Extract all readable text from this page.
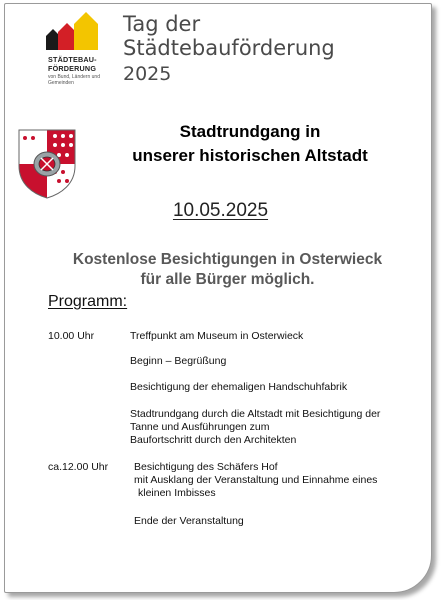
STÄDTEBAU-
FÖRDERUNG
von Bund, Ländern und Gemeinden
Tag der
Städtebauförderung
2025
Stadtrundgang in
unserer historischen Altstadt
10.05.2025
Kostenlose Besichtigungen in Osterwieck
für alle Bürger möglich.
Programm:
10.00 Uhr	Treffpunkt am Museum in Osterwieck
Beginn – Begrüßung
Besichtigung der ehemaligen Handschuhfabrik
Stadtrundgang durch die Altstadt mit Besichtigung der
Tanne und Ausführungen zum
Baufortschritt durch den Architekten
ca.12.00 Uhr Besichtigung des Schäfers Hof
mit Ausklang der Veranstaltung und Einnahme eines
kleinen Imbisses
Ende der Veranstaltung
